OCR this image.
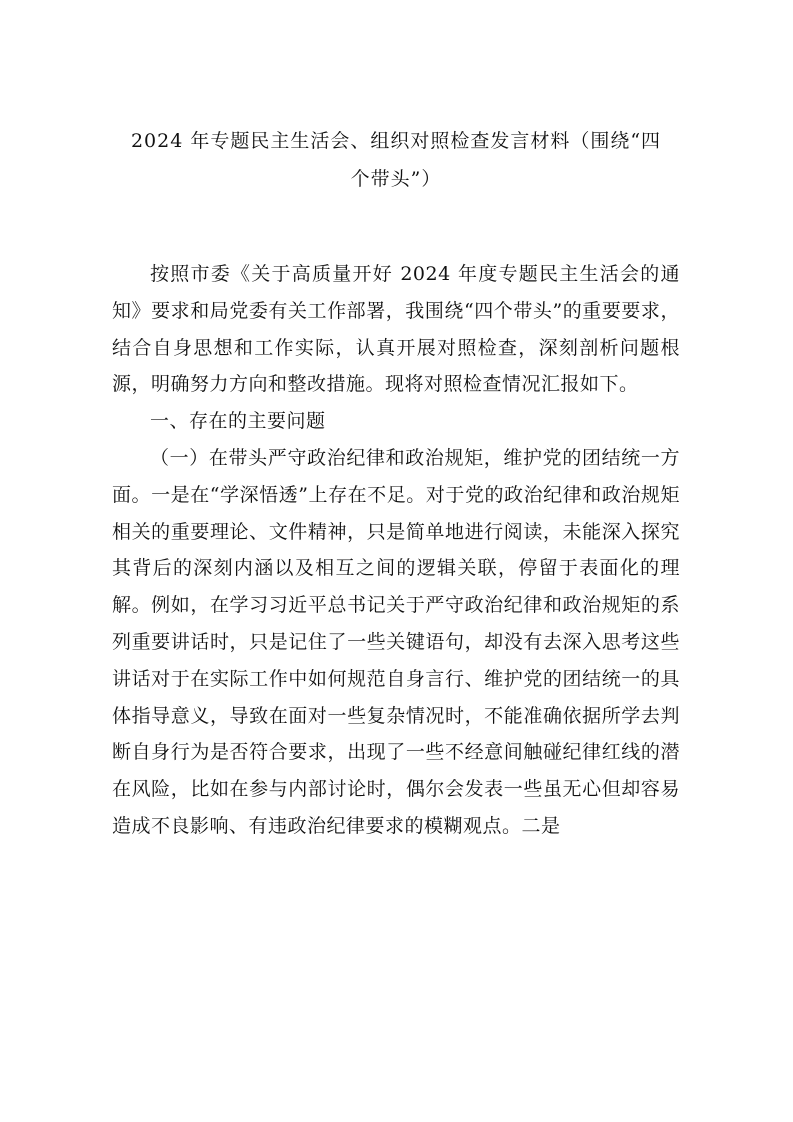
2024 年专题民主生活会、组织对照检查发言材料（围绕“四
个带头”）

按照市委《关于高质量开好 2024 年度专题民主生活会的通知》要求和局党委有关工作部署，我围绕“四个带头”的重要要求，结合自身思想和工作实际，认真开展对照检查，深刻剖析问题根源，明确努力方向和整改措施。现将对照检查情况汇报如下。

一、存在的主要问题

（一）在带头严守政治纪律和政治规矩，维护党的团结统一方面。一是在“学深悟透”上存在不足。对于党的政治纪律和政治规矩相关的重要理论、文件精神，只是简单地进行阅读，未能深入探究其背后的深刻内涵以及相互之间的逻辑关联，停留于表面化的理解。例如，在学习习近平总书记关于严守政治纪律和政治规矩的系列重要讲话时，只是记住了一些关键语句，却没有去深入思考这些讲话对于在实际工作中如何规范自身言行、维护党的团结统一的具体指导意义，导致在面对一些复杂情况时，不能准确依据所学去判断自身行为是否符合要求，出现了一些不经意间触碰纪律红线的潜在风险，比如在参与内部讨论时，偶尔会发表一些虽无心但却容易造成不良影响、有违政治纪律要求的模糊观点。二是
